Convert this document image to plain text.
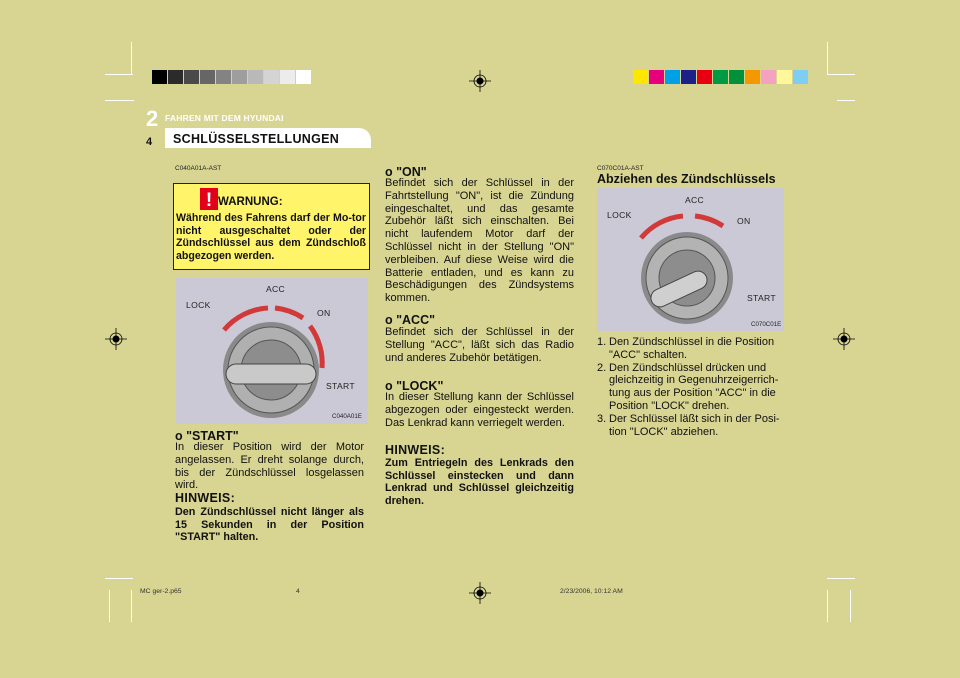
2 FAHREN MIT DEM HYUNDAI
4 SCHLÜSSELSTELLUNGEN
C040A01A-AST
! WARNUNG:
Während des Fahrens darf der Mo-tor nicht ausgeschaltet oder der Zündschlüssel aus dem Zündschloß abgezogen werden.
LOCK
ACC
ON
START
C040A01E
o "START"
In dieser Position wird der Motor angelassen. Er dreht solange durch, bis der Zündschlüssel losgelassen wird.
HINWEIS:
Den Zündschlüssel nicht länger als 15 Sekunden in der Position "START" halten.
o "ON"
Befindet sich der Schlüssel in der Fahrtstellung "ON", ist die Zündung eingeschaltet, und das gesamte Zubehör läßt sich einschalten. Bei nicht laufendem Motor darf der Schlüssel nicht in der Stellung "ON" verbleiben. Auf diese Weise wird die Batterie entladen, und es kann zu Beschädigungen des Zündsystems kommen.
o "ACC"
Befindet sich der Schlüssel in der Stellung "ACC", läßt sich das Radio und anderes Zubehör betätigen.
o "LOCK"
In dieser Stellung kann der Schlüssel abgezogen oder eingesteckt werden. Das Lenkrad kann verriegelt werden.
HINWEIS:
Zum Entriegeln des Lenkrads den Schlüssel einstecken und dann Lenkrad und Schlüssel gleichzeitig drehen.
C070C01A-AST
Abziehen des Zündschlüssels
LOCK
ACC
ON
START
C070C01E
1. Den Zündschlüssel in die Position "ACC" schalten.
2. Den Zündschlüssel drücken und gleichzeitig in Gegenuhrzeigerrich-tung aus der Position "ACC" in die Position "LOCK" drehen.
3. Der Schlüssel läßt sich in der Posi-tion "LOCK" abziehen.
MC ger-2.p65	4	2/23/2006, 10:12 AM
